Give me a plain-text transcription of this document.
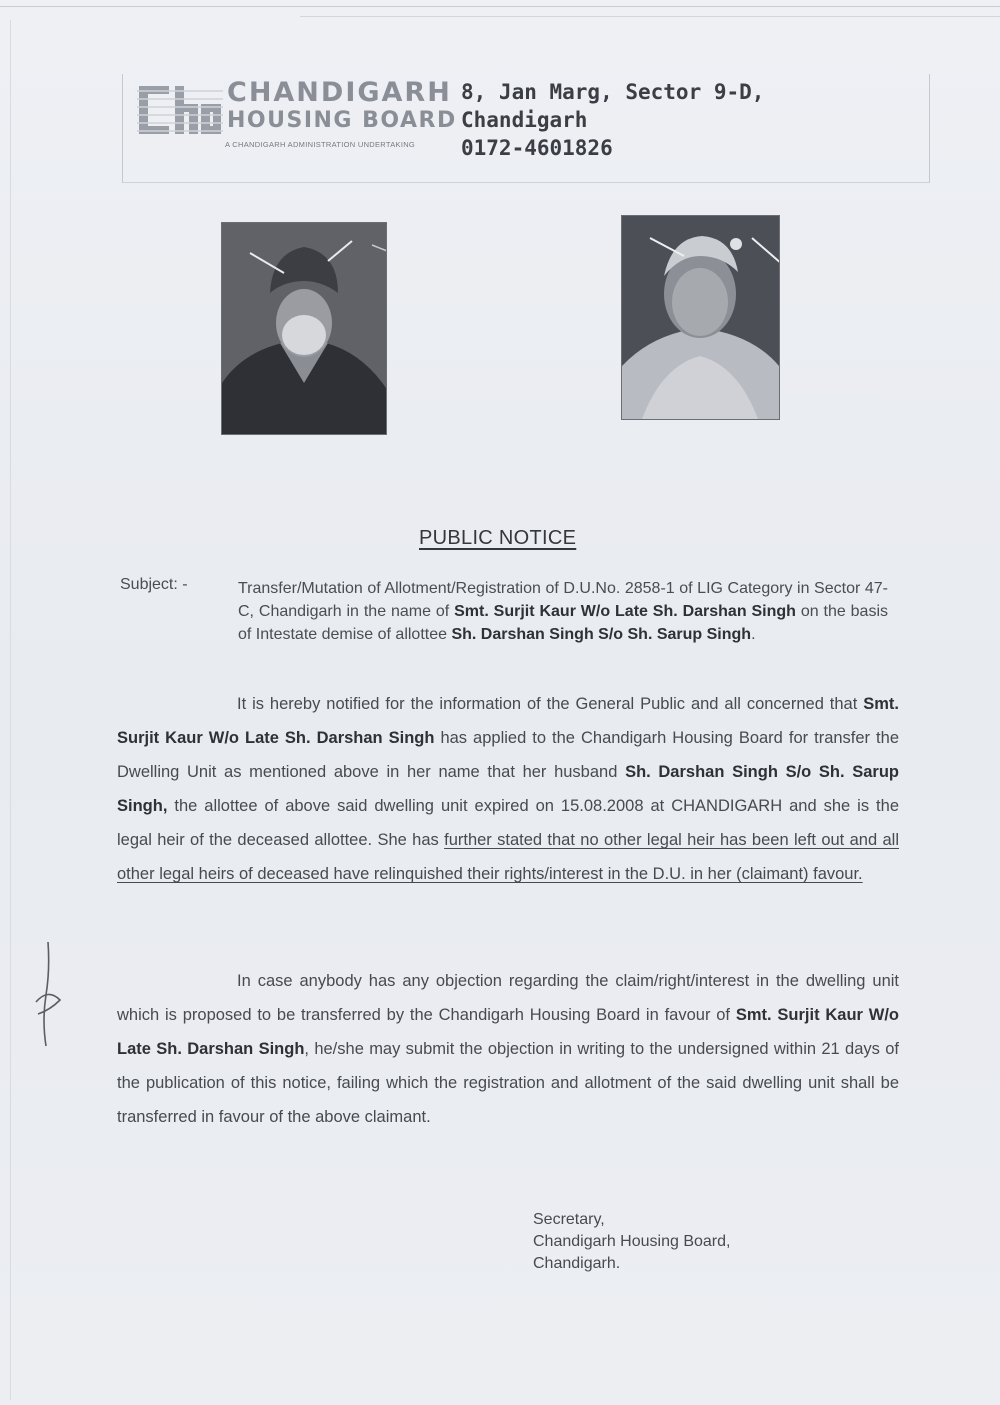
CHANDIGARH
HOUSING BOARD
A CHANDIGARH ADMINISTRATION UNDERTAKING
8, Jan Marg, Sector 9-D,
Chandigarh
0172-4601826
PUBLIC NOTICE
Subject: -	Transfer/Mutation of Allotment/Registration of D.U.No. 2858-1 of LIG Category in Sector 47-C, Chandigarh in the name of Smt. Surjit Kaur W/o Late Sh. Darshan Singh on the basis of Intestate demise of allottee Sh. Darshan Singh S/o Sh. Sarup Singh.
It is hereby notified for the information of the General Public and all concerned that Smt. Surjit Kaur W/o Late Sh. Darshan Singh has applied to the Chandigarh Housing Board for transfer the Dwelling Unit as mentioned above in her name that her husband Sh. Darshan Singh S/o Sh. Sarup Singh, the allottee of above said dwelling unit expired on 15.08.2008 at CHANDIGARH and she is the legal heir of the deceased allottee. She has further stated that no other legal heir has been left out and all other legal heirs of deceased have relinquished their rights/interest in the D.U. in her (claimant) favour.
In case anybody has any objection regarding the claim/right/interest in the dwelling unit which is proposed to be transferred by the Chandigarh Housing Board in favour of Smt. Surjit Kaur W/o Late Sh. Darshan Singh, he/she may submit the objection in writing to the undersigned within 21 days of the publication of this notice, failing which the registration and allotment of the said dwelling unit shall be transferred in favour of the above claimant.
Secretary,
Chandigarh Housing Board,
Chandigarh.
